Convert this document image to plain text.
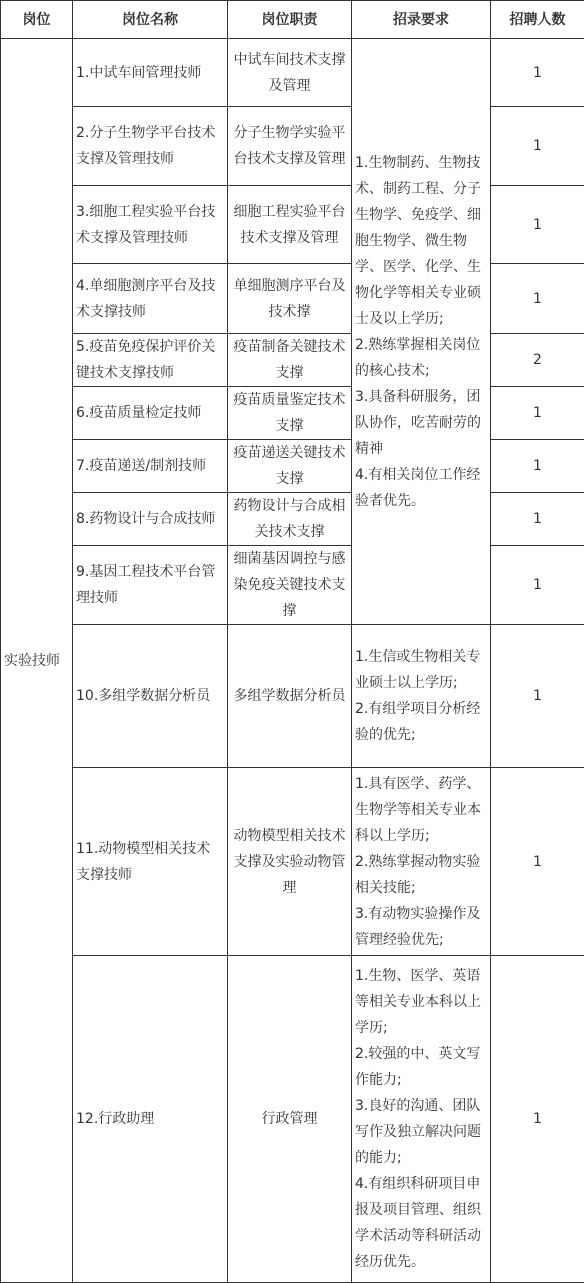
岗位	岗位名称	岗位职责	招录要求	招聘人数
实验技师	1.中试车间管理技师	中试车间技术支撑及管理	1.生物制药、生物技术、制药工程、分子生物学、免疫学、细胞生物学、微生物学、医学、化学、生物化学等相关专业硕士及以上学历;
2.熟练掌握相关岗位的核心技术;
3.具备科研服务，团队协作，吃苦耐劳的精神
4.有相关岗位工作经验者优先。	1
	2.分子生物学平台技术支撑及管理技师	分子生物学实验平台技术支撑及管理		1
	3.细胞工程实验平台技术支撑及管理技师	细胞工程实验平台技术支撑及管理		1
	4.单细胞测序平台及技术支撑技师	单细胞测序平台及技术撑		1
	5.疫苗免疫保护评价关键技术支撑技师	疫苗制备关键技术支撑		2
	6.疫苗质量检定技师	疫苗质量鉴定技术支撑		1
	7.疫苗递送/制剂技师	疫苗递送关键技术支撑		1
	8.药物设计与合成技师	药物设计与合成相关技术支撑		1
	9.基因工程技术平台管理技师	细菌基因调控与感染免疫关键技术支撑		1
	10.多组学数据分析员	多组学数据分析员	1.生信或生物相关专业硕士以上学历;
2.有组学项目分析经验的优先;	1
	11.动物模型相关技术支撑技师	动物模型相关技术支撑及实验动物管理	1.具有医学、药学、生物学等相关专业本科以上学历;
2.熟练掌握动物实验相关技能;
3.有动物实验操作及管理经验优先;	1
	12.行政助理	行政管理	1.生物、医学、英语等相关专业本科以上学历;
2.较强的中、英文写作能力;
3.良好的沟通、团队写作及独立解决问题的能力;
4.有组织科研项目申报及项目管理、组织学术活动等科研活动经历优先。	1
